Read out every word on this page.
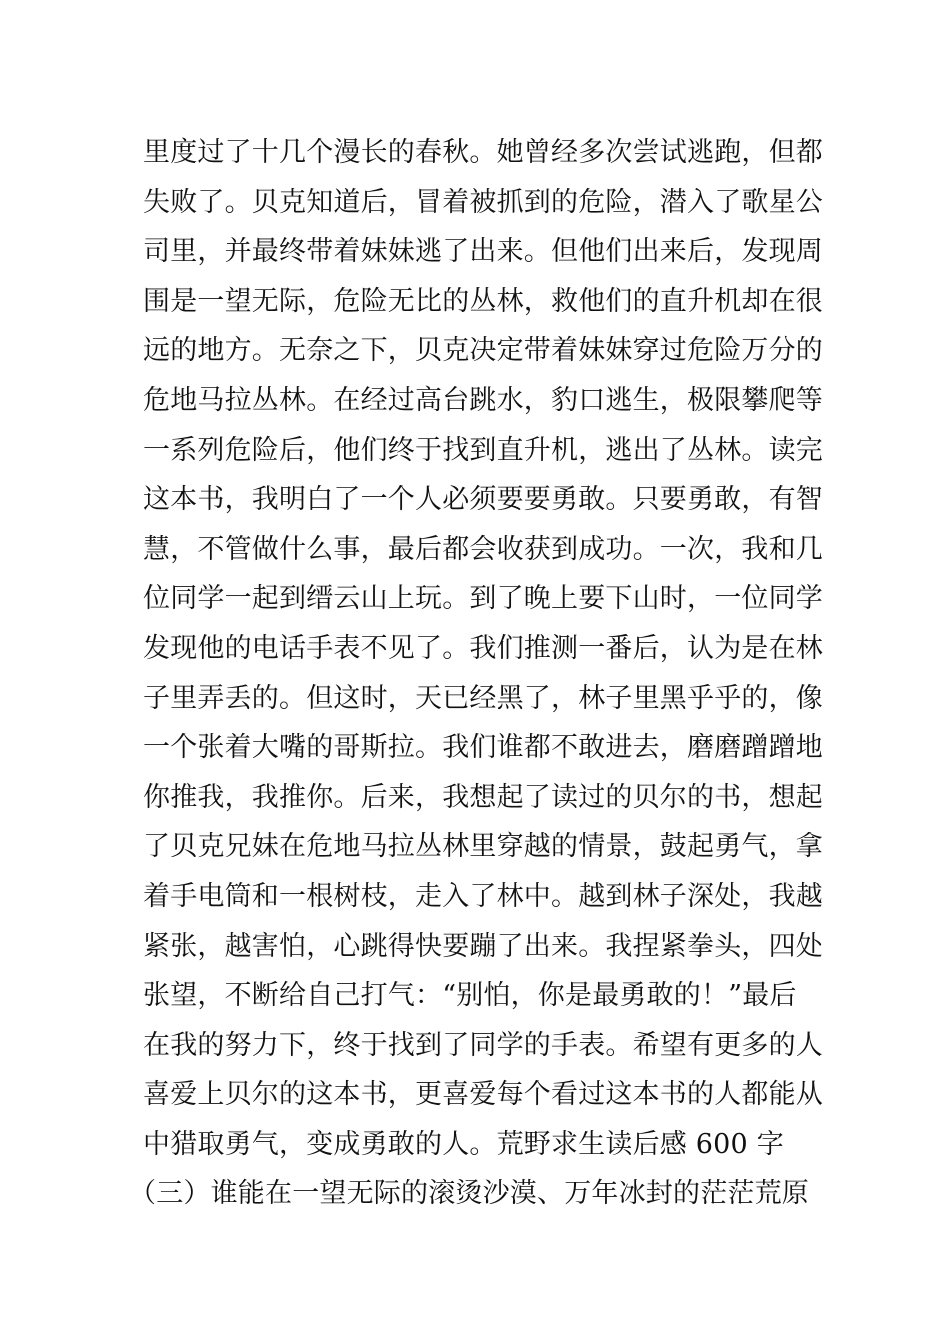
里度过了十几个漫长的春秋。她曾经多次尝试逃跑，但都
失败了。贝克知道后，冒着被抓到的危险，潜入了歌星公
司里，并最终带着妹妹逃了出来。但他们出来后，发现周
围是一望无际，危险无比的丛林，救他们的直升机却在很
远的地方。无奈之下，贝克决定带着妹妹穿过危险万分的
危地马拉丛林。在经过高台跳水，豹口逃生，极限攀爬等
一系列危险后，他们终于找到直升机，逃出了丛林。读完
这本书，我明白了一个人必须要要勇敢。只要勇敢，有智
慧，不管做什么事，最后都会收获到成功。一次，我和几
位同学一起到缙云山上玩。到了晚上要下山时，一位同学
发现他的电话手表不见了。我们推测一番后，认为是在林
子里弄丢的。但这时，天已经黑了，林子里黑乎乎的，像
一个张着大嘴的哥斯拉。我们谁都不敢进去，磨磨蹭蹭地
你推我，我推你。后来，我想起了读过的贝尔的书，想起
了贝克兄妹在危地马拉丛林里穿越的情景，鼓起勇气，拿
着手电筒和一根树枝，走入了林中。越到林子深处，我越
紧张，越害怕，心跳得快要蹦了出来。我捏紧拳头，四处
张望，不断给自己打气：“别怕，你是最勇敢的！”最后
在我的努力下，终于找到了同学的手表。希望有更多的人
喜爱上贝尔的这本书，更喜爱每个看过这本书的人都能从
中猎取勇气，变成勇敢的人。荒野求生读后感 600 字
（三）谁能在一望无际的滚烫沙漠、万年冰封的茫茫荒原
